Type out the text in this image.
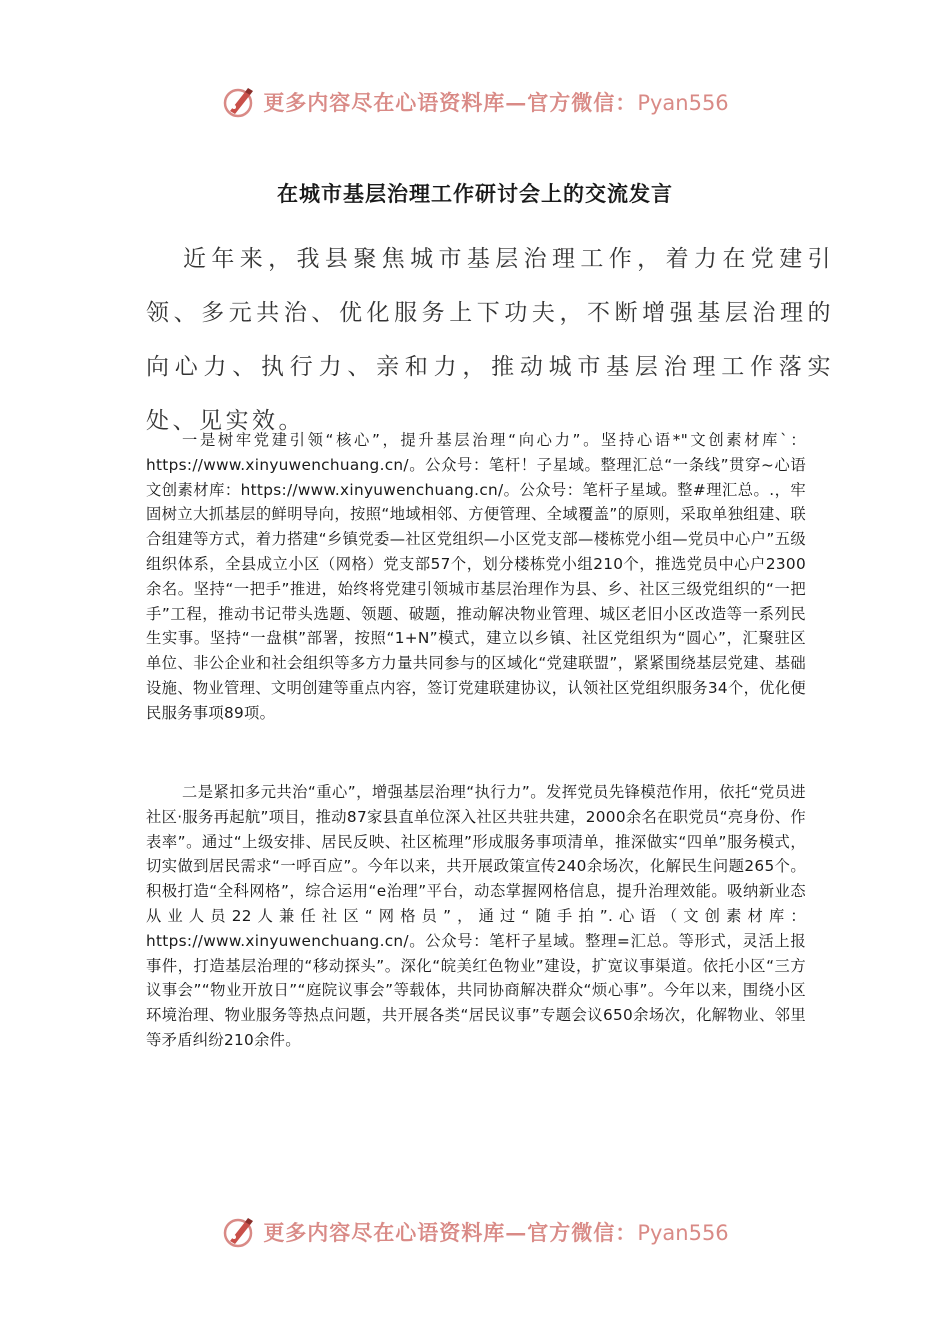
更多内容尽在心语资料库—官方微信：Pyan556
在城市基层治理工作研讨会上的交流发言

近年来，我县聚焦城市基层治理工作，着力在党建引领、多元共治、优化服务上下功夫，不断增强基层治理的向心力、执行力、亲和力，推动城市基层治理工作落实处、见实效。

一是树牢党建引领“核心”，提升基层治理“向心力”。坚持心语*"文创素材库`：https://www.xinyuwenchuang.cn/。公众号：笔杆！子星域。整理汇总“一条线”贯穿~心语文创素材库：https://www.xinyuwenchuang.cn/。公众号：笔杆子星域。整#理汇总。.，牢固树立大抓基层的鲜明导向，按照“地域相邻、方便管理、全域覆盖”的原则，采取单独组建、联合组建等方式，着力搭建“乡镇党委—社区党组织—小区党支部—楼栋党小组—党员中心户”五级组织体系，全县成立小区（网格）党支部57个，划分楼栋党小组210个，推选党员中心户2300余名。坚持“一把手”推进，始终将党建引领城市基层治理作为县、乡、社区三级党组织的“一把手”工程，推动书记带头选题、领题、破题，推动解决物业管理、城区老旧小区改造等一系列民生实事。坚持“一盘棋”部署，按照“1+N”模式，建立以乡镇、社区党组织为“圆心”，汇聚驻区单位、非公企业和社会组织等多方力量共同参与的区域化“党建联盟”，紧紧围绕基层党建、基础设施、物业管理、文明创建等重点内容，签订党建联建协议，认领社区党组织服务34个，优化便民服务事项89项。

二是紧扣多元共治“重心”，增强基层治理“执行力”。发挥党员先锋模范作用，依托“党员进社区·服务再起航”项目，推动87家县直单位深入社区共驻共建，2000余名在职党员“亮身份、作表率”。通过“上级安排、居民反映、社区梳理”形成服务事项清单，推深做实“四单”服务模式，切实做到居民需求“一呼百应”。今年以来，共开展政策宣传240余场次，化解民生问题265个。积极打造“全科网格”，综合运用“e治理”平台，动态掌握网格信息，提升治理效能。吸纳新业态从业人员22人兼任社区“网格员”，通过“随手拍”.心语（文创素材库：https://www.xinyuwenchuang.cn/。公众号：笔杆子星域。整理=汇总。等形式，灵活上报事件，打造基层治理的“移动探头”。深化“皖美红色物业”建设，扩宽议事渠道。依托小区“三方议事会”“物业开放日”“庭院议事会”等载体，共同协商解决群众“烦心事”。今年以来，围绕小区环境治理、物业服务等热点问题，共开展各类“居民议事”专题会议650余场次，化解物业、邻里等矛盾纠纷210余件。

更多内容尽在心语资料库—官方微信：Pyan556
